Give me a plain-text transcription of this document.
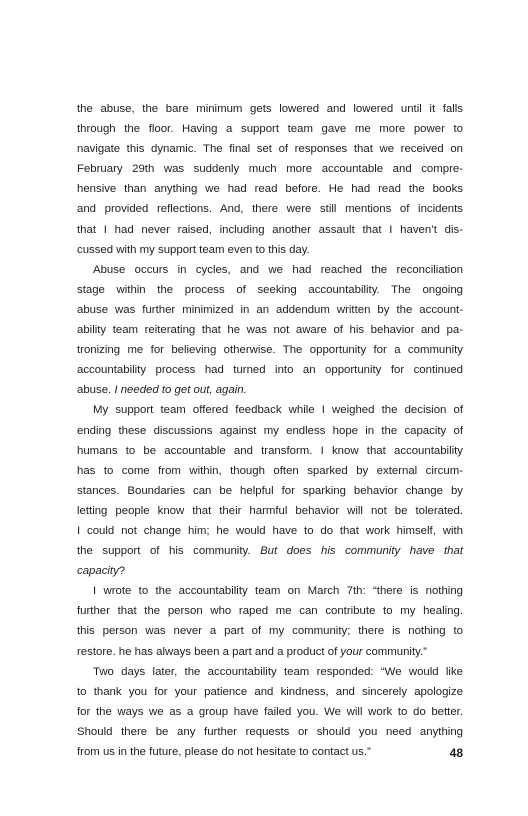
the abuse, the bare minimum gets lowered and lowered until it falls
through the floor. Having a support team gave me more power to
navigate this dynamic. The final set of responses that we received on
February 29th was suddenly much more accountable and compre-
hensive than anything we had read before. He had read the books
and provided reflections. And, there were still mentions of incidents
that I had never raised, including another assault that I haven’t dis-
cussed with my support team even to this day.
Abuse occurs in cycles, and we had reached the reconciliation
stage within the process of seeking accountability. The ongoing
abuse was further minimized in an addendum written by the account-
ability team reiterating that he was not aware of his behavior and pa-
tronizing me for believing otherwise. The opportunity for a community
accountability process had turned into an opportunity for continued
abuse. I needed to get out, again.
My support team offered feedback while I weighed the decision of
ending these discussions against my endless hope in the capacity of
humans to be accountable and transform. I know that accountability
has to come from within, though often sparked by external circum-
stances. Boundaries can be helpful for sparking behavior change by
letting people know that their harmful behavior will not be tolerated.
I could not change him; he would have to do that work himself, with
the support of his community. But does his community have that
capacity?
I wrote to the accountability team on March 7th: “there is nothing
further that the person who raped me can contribute to my healing.
this person was never a part of my community; there is nothing to
restore. he has always been a part and a product of your community.”
Two days later, the accountability team responded: “We would like
to thank you for your patience and kindness, and sincerely apologize
for the ways we as a group have failed you. We will work to do better.
Should there be any further requests or should you need anything
from us in the future, please do not hesitate to contact us.”	48
